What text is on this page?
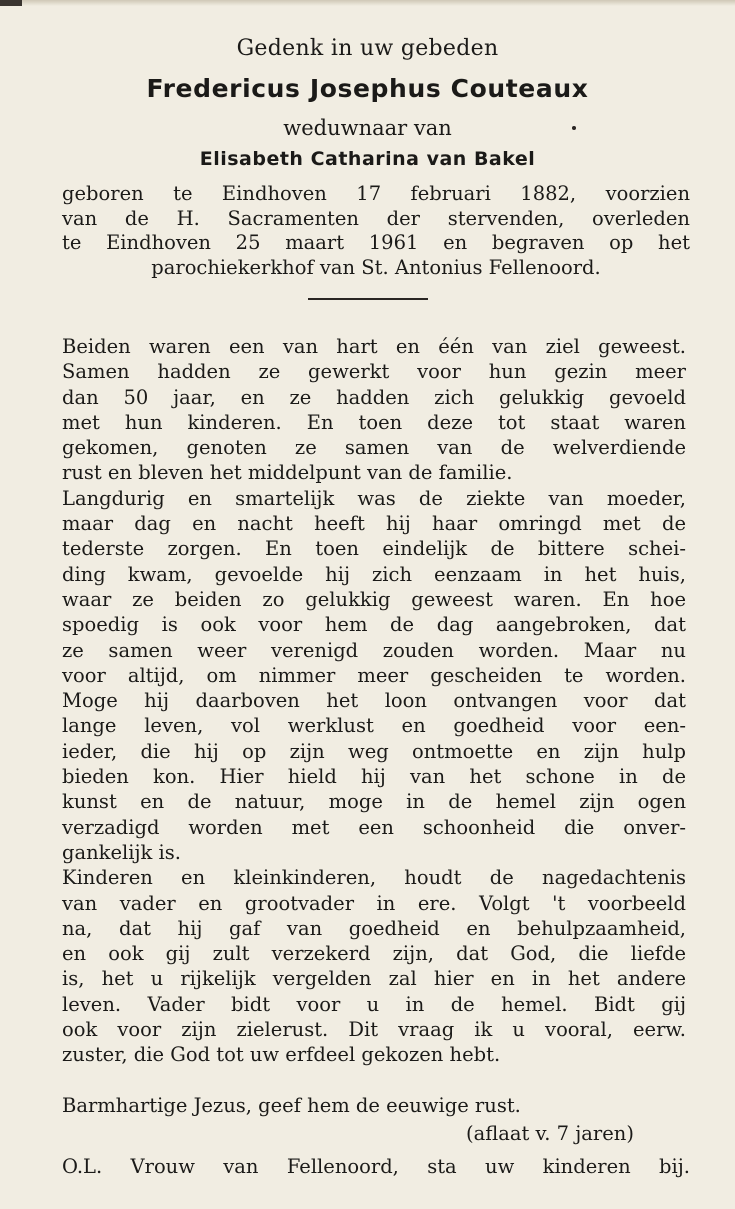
Gedenk in uw gebeden
Fredericus Josephus Couteaux
weduwnaar van
Elisabeth Catharina van Bakel
geboren te Eindhoven 17 februari 1882, voorzien
van de H. Sacramenten der stervenden, overleden
te Eindhoven 25 maart 1961 en begraven op het
parochiekerkhof van St. Antonius Fellenoord.
Beiden waren een van hart en één van ziel geweest.
Samen hadden ze gewerkt voor hun gezin meer
dan 50 jaar, en ze hadden zich gelukkig gevoeld
met hun kinderen. En toen deze tot staat waren
gekomen, genoten ze samen van de welverdiende
rust en bleven het middelpunt van de familie.
Langdurig en smartelijk was de ziekte van moeder,
maar dag en nacht heeft hij haar omringd met de
tederste zorgen. En toen eindelijk de bittere schei-
ding kwam, gevoelde hij zich eenzaam in het huis,
waar ze beiden zo gelukkig geweest waren. En hoe
spoedig is ook voor hem de dag aangebroken, dat
ze samen weer verenigd zouden worden. Maar nu
voor altijd, om nimmer meer gescheiden te worden.
Moge hij daarboven het loon ontvangen voor dat
lange leven, vol werklust en goedheid voor een-
ieder, die hij op zijn weg ontmoette en zijn hulp
bieden kon. Hier hield hij van het schone in de
kunst en de natuur, moge in de hemel zijn ogen
verzadigd worden met een schoonheid die onver-
gankelijk is.
Kinderen en kleinkinderen, houdt de nagedachtenis
van vader en grootvader in ere. Volgt 't voorbeeld
na, dat hij gaf van goedheid en behulpzaamheid,
en ook gij zult verzekerd zijn, dat God, die liefde
is, het u rijkelijk vergelden zal hier en in het andere
leven. Vader bidt voor u in de hemel. Bidt gij
ook voor zijn zielerust. Dit vraag ik u vooral, eerw.
zuster, die God tot uw erfdeel gekozen hebt.
Barmhartige Jezus, geef hem de eeuwige rust.
(aflaat v. 7 jaren)
O.L. Vrouw van Fellenoord, sta uw kinderen bij.
